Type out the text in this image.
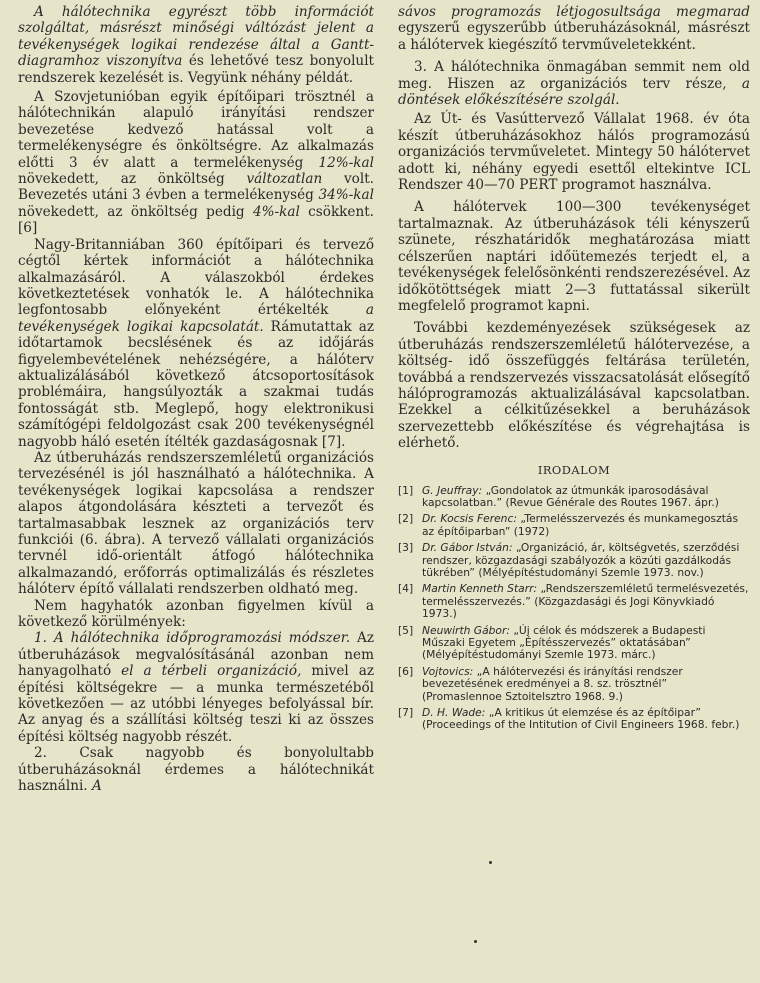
A hálótechnika egyrészt több információt szolgáltat, másrészt minőségi váltózást jelent a tevékenységek logikai rendezése által a Gantt-diagramhoz viszonyítva és lehetővé tesz bonyolult rendszerek kezelését is. Vegyünk néhány példát.

A Szovjetunióban egyik építőipari trösztnél a hálótechnikán alapuló irányítási rendszer bevezetése kedvező hatással volt a termelékenységre és önköltségre. Az alkalmazás előtti 3 év alatt a termelékenység 12%-kal növekedett, az önköltség változatlan volt. Bevezetés utáni 3 évben a termelékenység 34%-kal növekedett, az önköltség pedig 4%-kal csökkent. [6]

Nagy-Britanniában 360 építőipari és tervező cégtől kértek információt a hálótechnika alkalmazásáról. A válaszokból érdekes következtetések vonhatók le. A hálótechnika legfontosabb előnyeként értékelték a tevékenységek logikai kapcsolatát. Rámutattak az időtartamok becslésének és az időjárás figyelembevételének nehézségére, a hálóterv aktualizálásából következő átcsoportosítások problémáira, hangsúlyozták a szakmai tudás fontosságát stb. Meglepő, hogy elektronikusi számítógépi feldolgozást csak 200 tevékenységnél nagyobb háló esetén ítélték gazdaságosnak [7].

Az útberuházás rendszerszemléletű organizációs tervezésénél is jól használható a hálótechnika. A tevékenységek logikai kapcsolása a rendszer alapos átgondolására készteti a tervezőt és tartalmasabbak lesznek az organizációs terv funkciói (6. ábra). A tervező vállalati organizációs tervnél idő-orientált átfogó hálótechnika alkalmazandó, erőforrás optimalizálás és részletes hálóterv építő vállalati rendszerben oldható meg.

Nem hagyhatók azonban figyelmen kívül a következő körülmények:

1. A hálótechnika időprogramozási módszer. Az útberuházások megvalósításánál azonban nem hanyagolható el a térbeli organizáció, mivel az építési költségekre — a munka természetéből következően — az utóbbi lényeges befolyással bír. Az anyag és a szállítási költség teszi ki az összes építési költség nagyobb részét.

2. Csak nagyobb és bonyolultabb útberuházásoknál érdemes a hálótechnikát használni. A

sávos programozás létjogosultsága megmarad egyszerű egyszerűbb útberuházásoknál, másrészt a hálótervek kiegészítő tervműveletekként.

3. A hálótechnika önmagában semmit nem old meg. Hiszen az organizációs terv része, a döntések előkészítésére szolgál.

Az Út- és Vasúttervező Vállalat 1968. év óta készít útberuházásokhoz hálós programozású organizációs tervműveletet. Mintegy 50 hálótervet adott ki, néhány egyedi esettől eltekintve ICL Rendszer 40—70 PERT programot használva.

A hálótervek 100—300 tevékenységet tartalmaznak. Az útberuházások téli kényszerű szünete, részhatáridők meghatározása miatt célszerűen naptári időütemezés terjedt el, a tevékenységek felelősönkénti rendszerezésével. Az időkötöttségek miatt 2—3 futtatással sikerült megfelelő programot kapni.

További kezdeményezések szükségesek az útberuházás rendszerszemléletű hálótervezése, a költség- idő összefüggés feltárása területén, továbbá a rendszervezés visszacsatolását elősegítő hálóprogramozás aktualizálásával kapcsolatban. Ezekkel a célkitűzésekkel a beruházások szervezettebb előkészítése és végrehajtása is elérhető.

IRODALOM
[1] G. Jeuffray: „Gondolatok az útmunkák iparosodásával kapcsolatban.” (Revue Générale des Routes 1967. ápr.)
[2] Dr. Kocsis Ferenc: „Termelésszervezés és munkamegosztás az építőiparban” (1972)
[3] Dr. Gábor István: „Organizáció, ár, költségvetés, szerződési rendszer, közgazdasági szabályozók a közúti gazdálkodás tükrében” (Mélyépítéstudományi Szemle 1973. nov.)
[4] Martin Kenneth Starr: „Rendszerszemléletű termelésvezetés, termelésszervezés.” (Közgazdasági és Jogi Könyvkiadó 1973.)
[5] Neuwirth Gábor: „Új célok és módszerek a Budapesti Műszaki Egyetem „Építésszervezés” oktatásában” (Mélyépítéstudományi Szemle 1973. márc.)
[6] Vojtovics: „A hálótervezési és irányítási rendszer bevezetésének eredményei a 8. sz. trösztnél” (Promaslennoe Sztoitelsztro 1968. 9.)
[7] D. H. Wade: „A kritikus út elemzése és az építőipar” (Proceedings of the Intitution of Civil Engineers 1968. febr.)
